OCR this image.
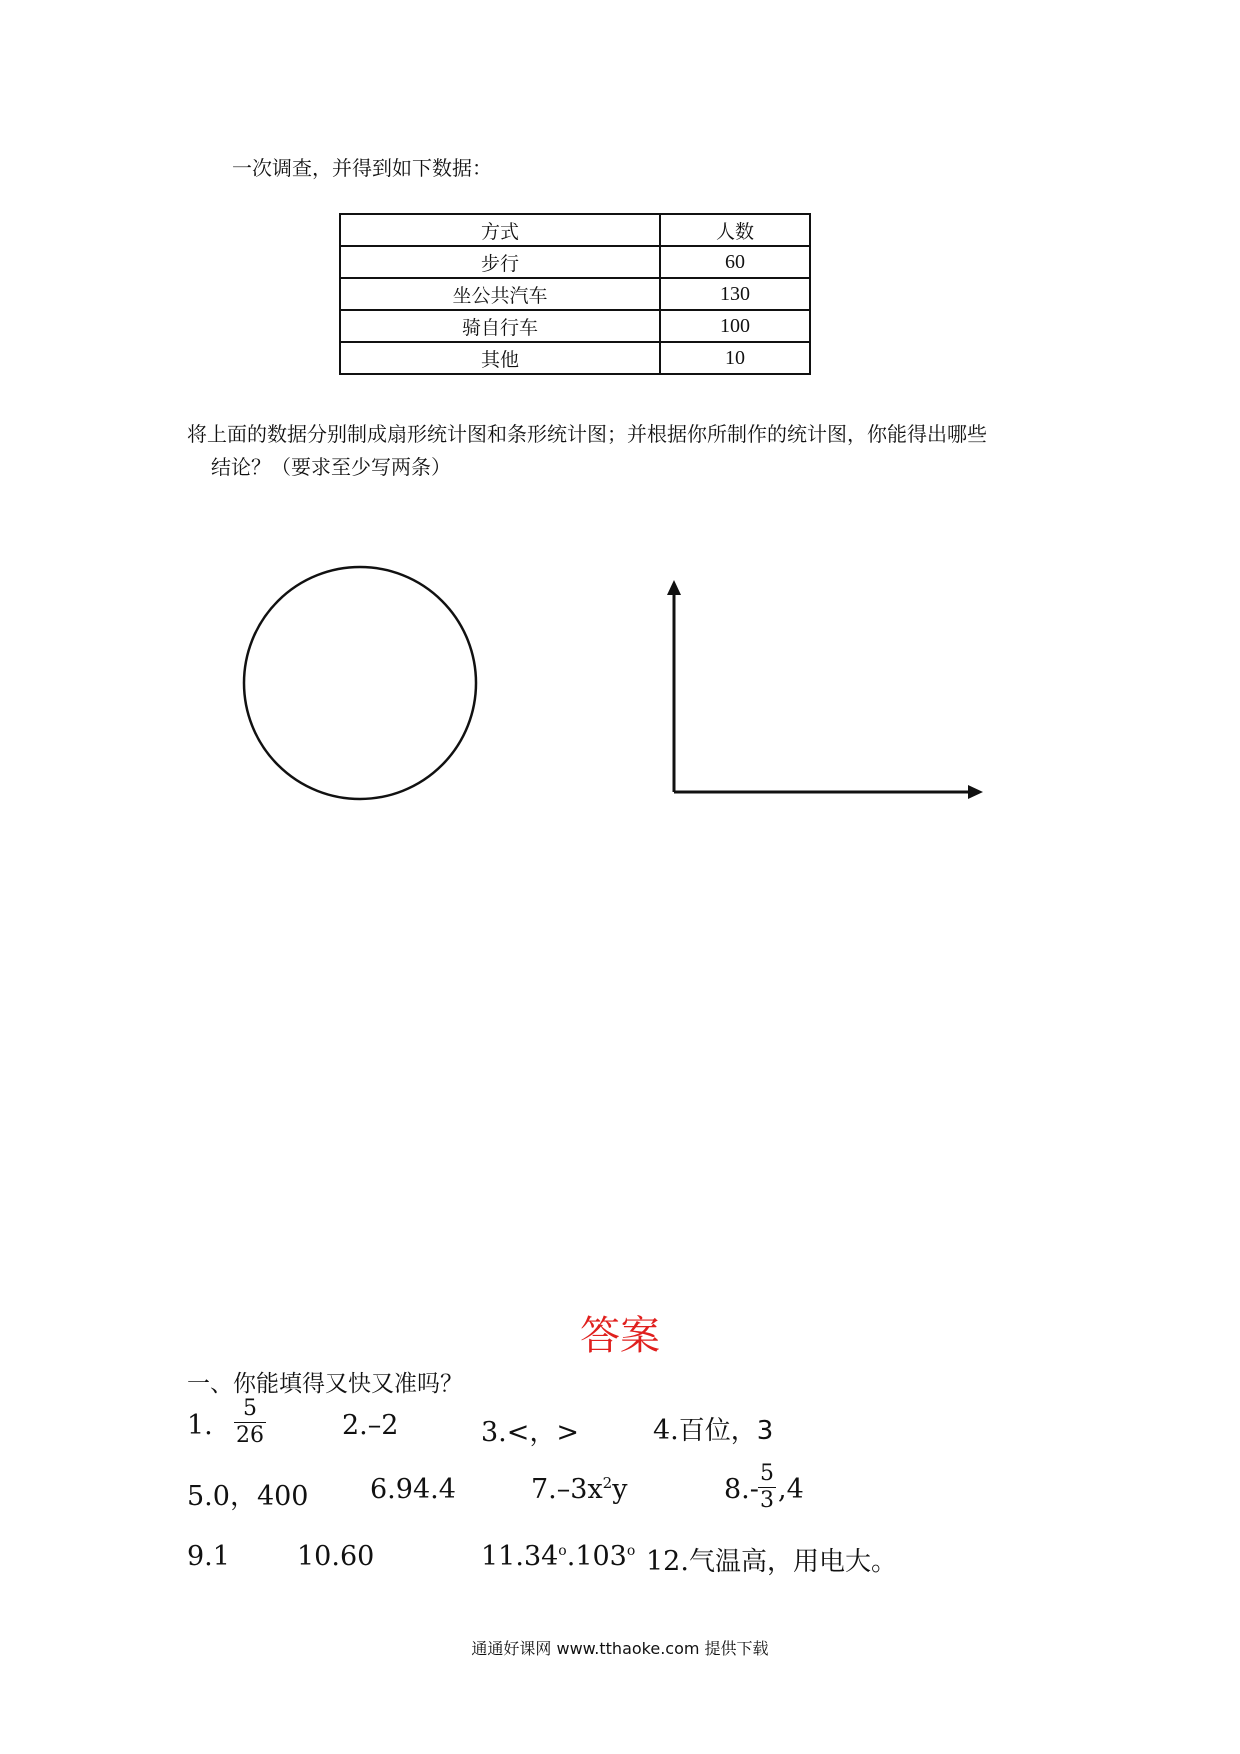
一次调查，并得到如下数据：
方式	人数
步行	60
坐公共汽车	130
骑自行车	100
其他	10
将上面的数据分别制成扇形统计图和条形统计图；并根据你所制作的统计图，你能得出哪些
结论？（要求至少写两条）
答案
一、你能填得又快又准吗？
1. $\frac{5}{26}$	2.–2	3.<，>	4.百位，3
5.0，400 6.94.4	$7.-3x^2y$	$8.- \frac{5}{3} ,4$
9.1 10.60	11.34$^o$.103$^o$ 12.气温高，用电大。
通通好课网 www.tthaoke.com 提供下载
